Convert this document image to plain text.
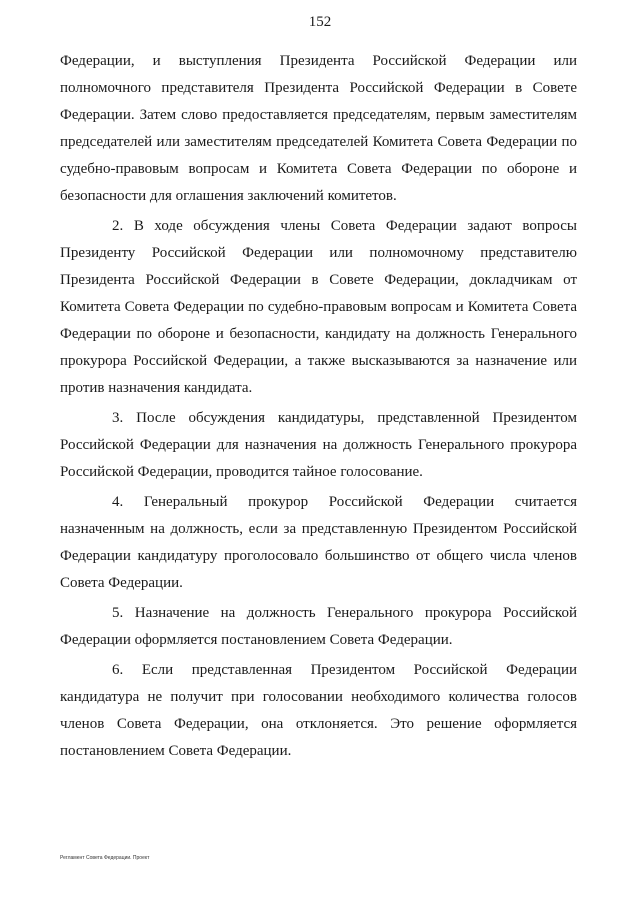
152

Федерации, и выступления Президента Российской Федерации или полномочного представителя Президента Российской Федерации в Совете Федерации. Затем слово предоставляется председателям, первым заместителям председателей или заместителям председателей Комитета Совета Федерации по судебно-правовым вопросам и Комитета Совета Федерации по обороне и безопасности для оглашения заключений комитетов.

2. В ходе обсуждения члены Совета Федерации задают вопросы Президенту Российской Федерации или полномочному представителю Президента Российской Федерации в Совете Федерации, докладчикам от Комитета Совета Федерации по судебно-правовым вопросам и Комитета Совета Федерации по обороне и безопасности, кандидату на должность Генерального прокурора Российской Федерации, а также высказываются за назначение или против назначения кандидата.

3. После обсуждения кандидатуры, представленной Президентом Российской Федерации для назначения на должность Генерального прокурора Российской Федерации, проводится тайное голосование.

4. Генеральный прокурор Российской Федерации считается назначенным на должность, если за представленную Президентом Российской Федерации кандидатуру проголосовало большинство от общего числа членов Совета Федерации.

5. Назначение на должность Генерального прокурора Российской Федерации оформляется постановлением Совета Федерации.

6. Если представленная Президентом Российской Федерации кандидатура не получит при голосовании необходимого количества голосов членов Совета Федерации, она отклоняется. Это решение оформляется постановлением Совета Федерации.

Регламент Совета Федерации. Проект
